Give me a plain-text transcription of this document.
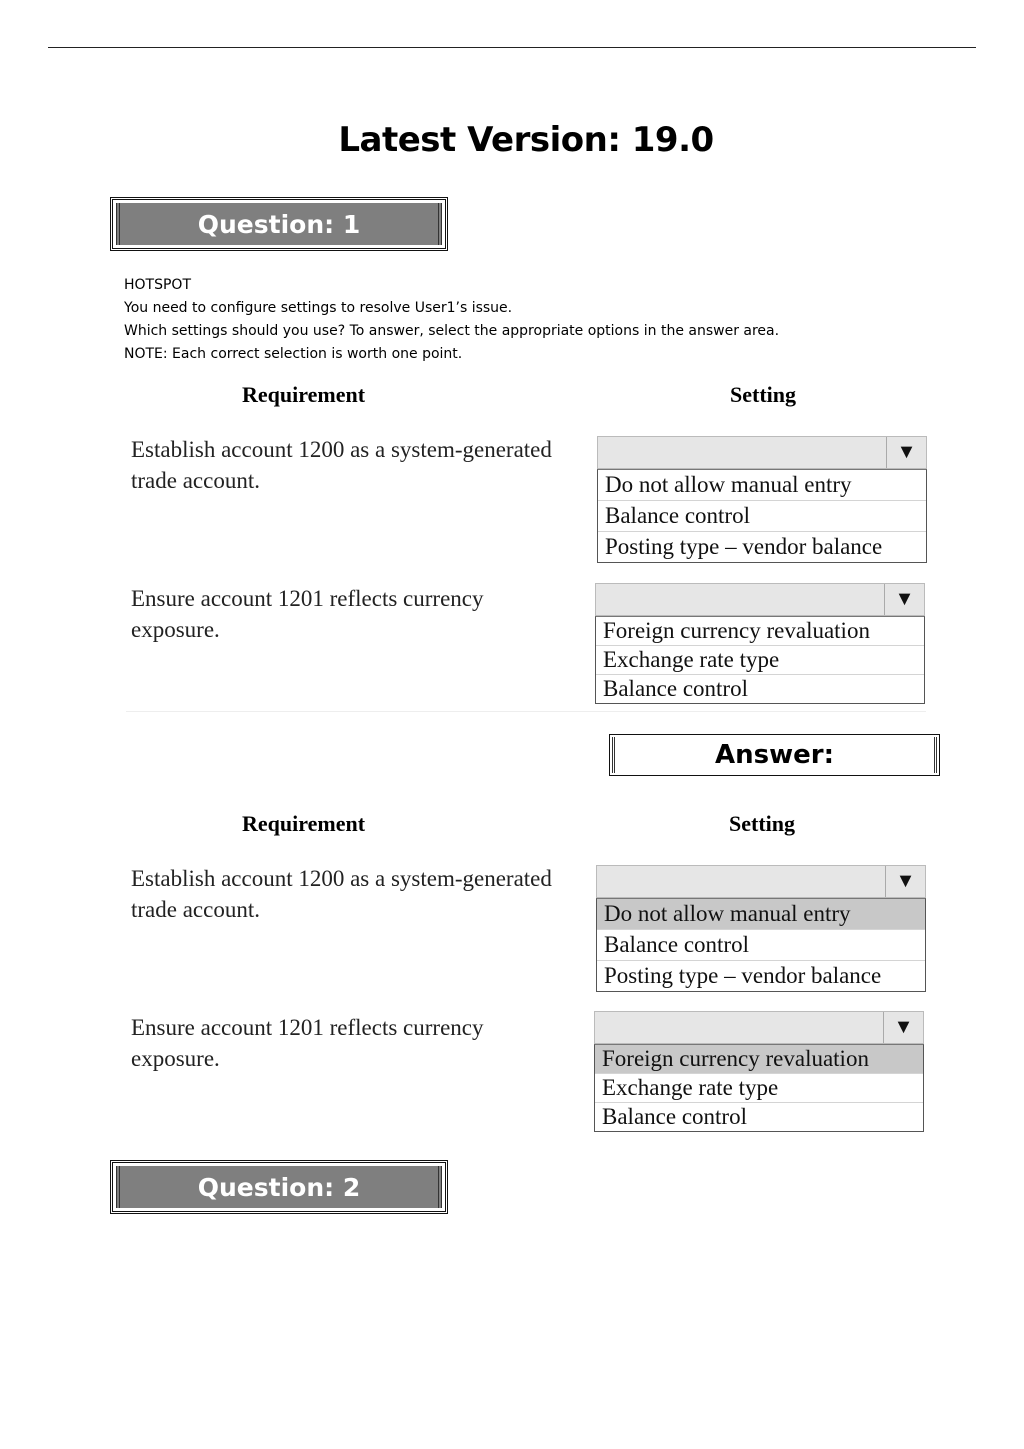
Latest Version: 19.0
Question: 1

HOTSPOT

You need to configure settings to resolve User1’s issue.

Which settings should you use? To answer, select the appropriate options in the answer area.

NOTE: Each correct selection is worth one point.

Requirement	Setting
Establish account 1200 as a system-generated
trade account.
▼
Do not allow manual entry
Balance control
Posting type – vendor balance
Ensure account 1201 reflects currency
exposure.
▼
Foreign currency revaluation
Exchange rate type
Balance control
Answer:
Requirement	Setting
Establish account 1200 as a system-generated
trade account.
▼
Do not allow manual entry
Balance control
Posting type – vendor balance
Ensure account 1201 reflects currency
exposure.
▼
Foreign currency revaluation
Exchange rate type
Balance control
Question: 2
